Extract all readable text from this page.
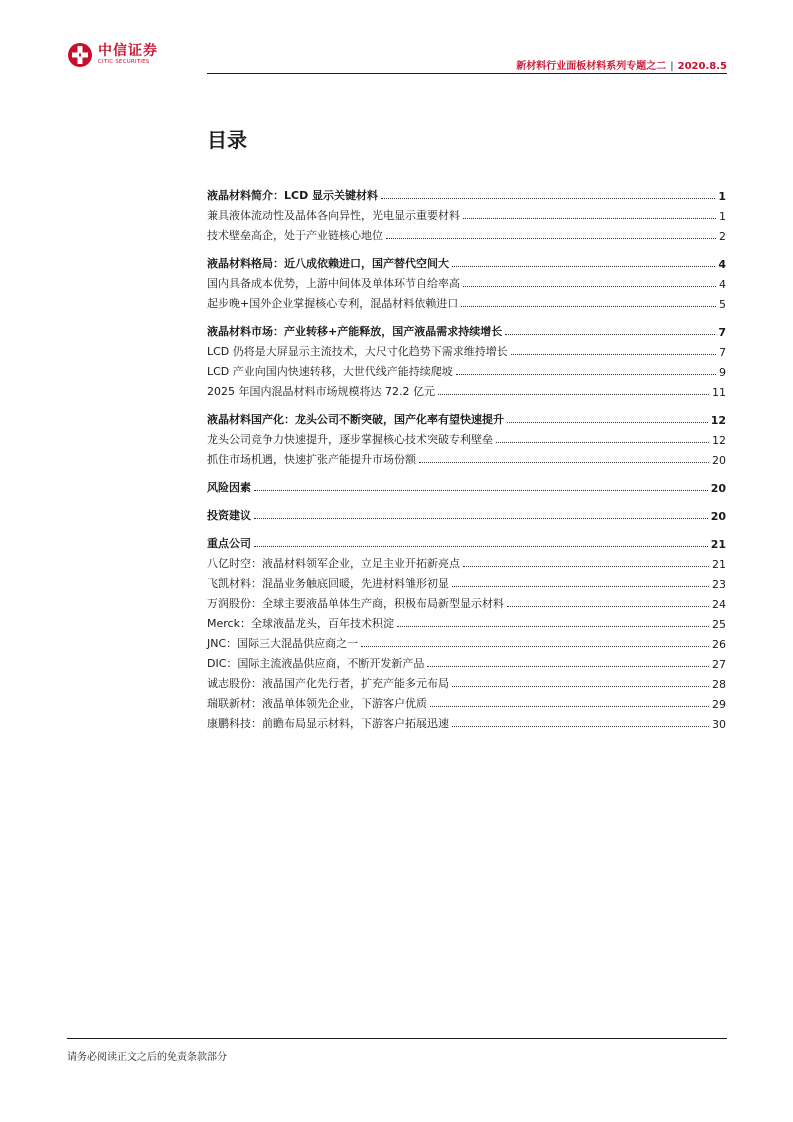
中信证券
CITIC SECURITIES	新材料行业面板材料系列专题之二 | 2020.8.5
目录
液晶材料简介：LCD 显示关键材料	1
兼具液体流动性及晶体各向异性，光电显示重要材料	1
技术壁垒高企，处于产业链核心地位	2
液晶材料格局：近八成依赖进口，国产替代空间大	4
国内具备成本优势，上游中间体及单体环节自给率高	4
起步晚+国外企业掌握核心专利，混晶材料依赖进口	5
液晶材料市场：产业转移+产能释放，国产液晶需求持续增长	7
LCD 仍将是大屏显示主流技术，大尺寸化趋势下需求维持增长	7
LCD 产业向国内快速转移，大世代线产能持续爬坡	9
2025 年国内混晶材料市场规模将达 72.2 亿元	11
液晶材料国产化：龙头公司不断突破，国产化率有望快速提升	12
龙头公司竞争力快速提升，逐步掌握核心技术突破专利壁垒	12
抓住市场机遇，快速扩张产能提升市场份额	20
风险因素	20
投资建议	20
重点公司	21
八亿时空：液晶材料领军企业，立足主业开拓新亮点	21
飞凯材料：混晶业务触底回暖，先进材料雏形初显	23
万润股份：全球主要液晶单体生产商，积极布局新型显示材料	24
Merck：全球液晶龙头，百年技术积淀	25
JNC：国际三大混晶供应商之一	26
DIC：国际主流液晶供应商，不断开发新产品	27
诚志股份：液晶国产化先行者，扩充产能多元布局	28
瑞联新材：液晶单体领先企业，下游客户优质	29
康鹏科技：前瞻布局显示材料，下游客户拓展迅速	30
请务必阅读正文之后的免责条款部分
